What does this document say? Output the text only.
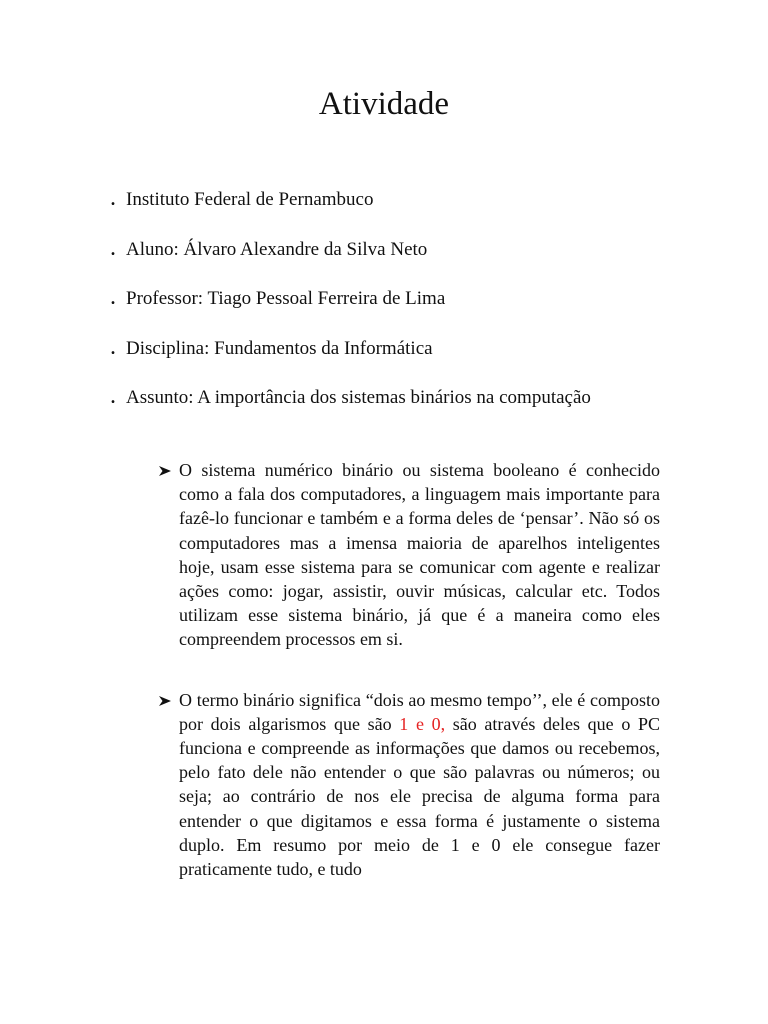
Atividade
. Instituto Federal de Pernambuco
. Aluno: Álvaro Alexandre da Silva Neto
. Professor: Tiago Pessoal Ferreira de Lima
. Disciplina: Fundamentos da Informática
. Assunto: A importância dos sistemas binários na computação
O sistema numérico binário ou sistema booleano é conhecido como a fala dos computadores, a linguagem mais importante para fazê-lo funcionar e também e a forma deles de ‘pensar’. Não só os computadores mas a imensa maioria de aparelhos inteligentes hoje, usam esse sistema para se comunicar com agente e realizar ações como: jogar, assistir, ouvir músicas, calcular etc. Todos utilizam esse sistema binário, já que é a maneira como eles compreendem processos em si.
O termo binário significa “dois ao mesmo tempo’’, ele é composto por dois algarismos que são 1 e 0, são através deles que o PC funciona e compreende as informações que damos ou recebemos, pelo fato dele não entender o que são palavras ou números; ou seja; ao contrário de nos ele precisa de alguma forma para entender o que digitamos e essa forma é justamente o sistema duplo. Em resumo por meio de 1 e 0 ele consegue fazer praticamente tudo, e tudo
